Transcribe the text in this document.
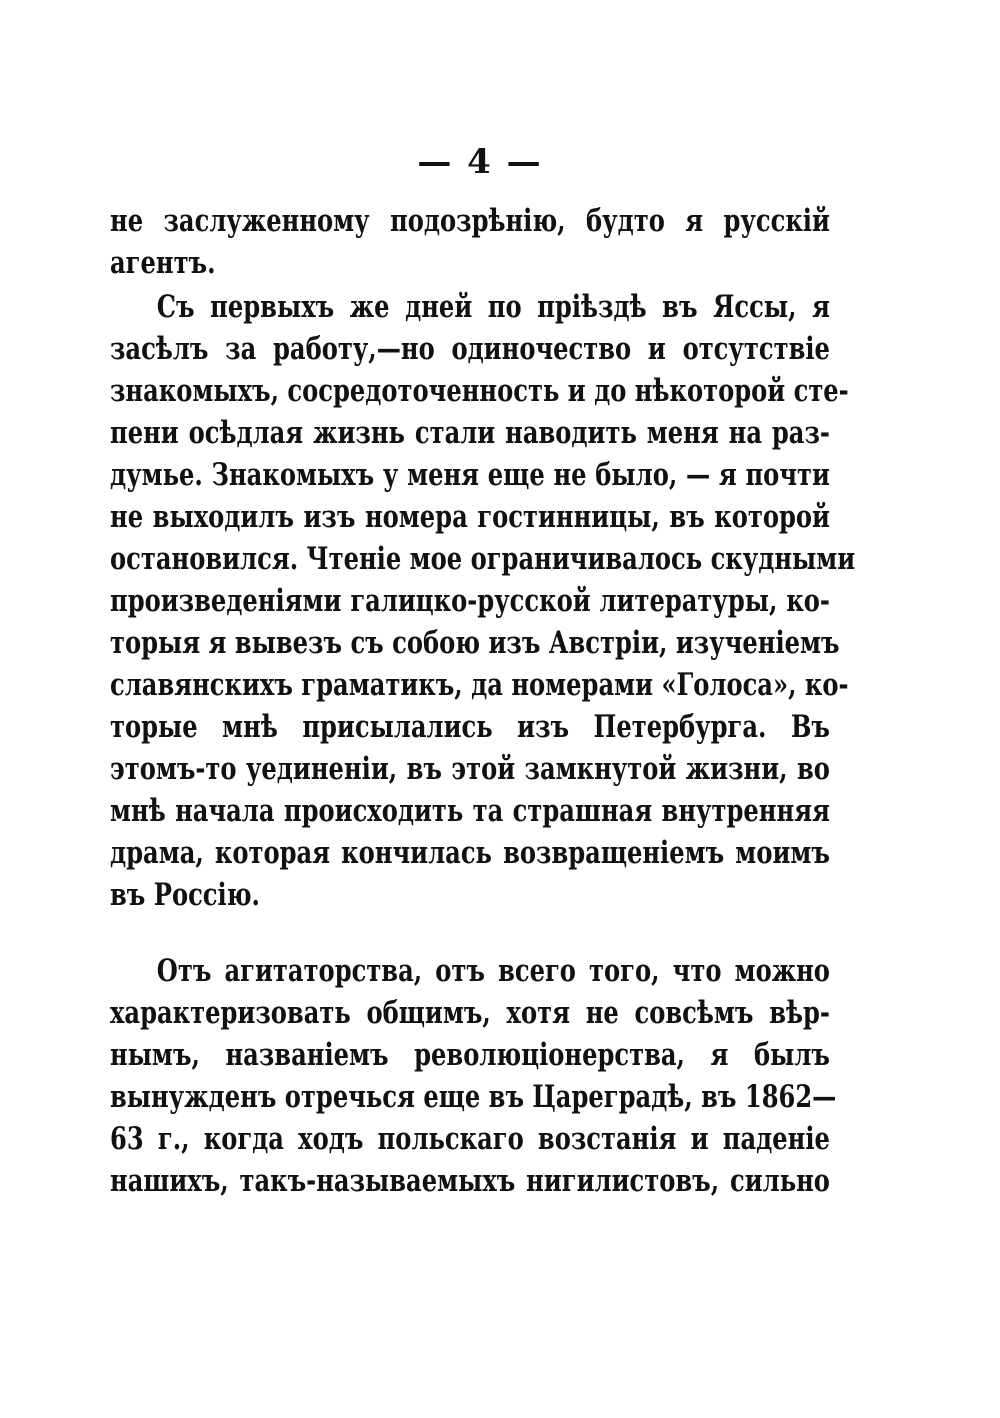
— 4 —
не заслуженному подозрѣнію, будто я русскій
агентъ.
Съ первыхъ же дней по пріѣздѣ въ Яссы, я
засѣлъ за работу,—но одиночество и отсутствіе
знакомыхъ, сосредоточенность и до нѣкоторой сте-
пени осѣдлая жизнь стали наводить меня на раз-
думье. Знакомыхъ у меня еще не было, — я почти
не выходилъ изъ номера гостинницы, въ которой
остановился. Чтеніе мое ограничивалось скудными
произведеніями галицко-русской литературы, ко-
торыя я вывезъ съ собою изъ Австріи, изученіемъ
славянскихъ граматикъ, да номерами «Голоса», ко-
торые мнѣ присылались изъ Петербурга. Въ
этомъ-то уединеніи, въ этой замкнутой жизни, во
мнѣ начала происходить та страшная внутренняя
драма, которая кончилась возвращеніемъ моимъ
въ Россію.
Отъ агитаторства, отъ всего того, что можно
характеризовать общимъ, хотя не совсѣмъ вѣр-
нымъ, названіемъ революціонерства, я былъ
вынужденъ отречься еще въ Цареградѣ, въ 1862—
63 г., когда ходъ польскаго возстанія и паденіе
нашихъ, такъ-называемыхъ нигилистовъ, сильно
